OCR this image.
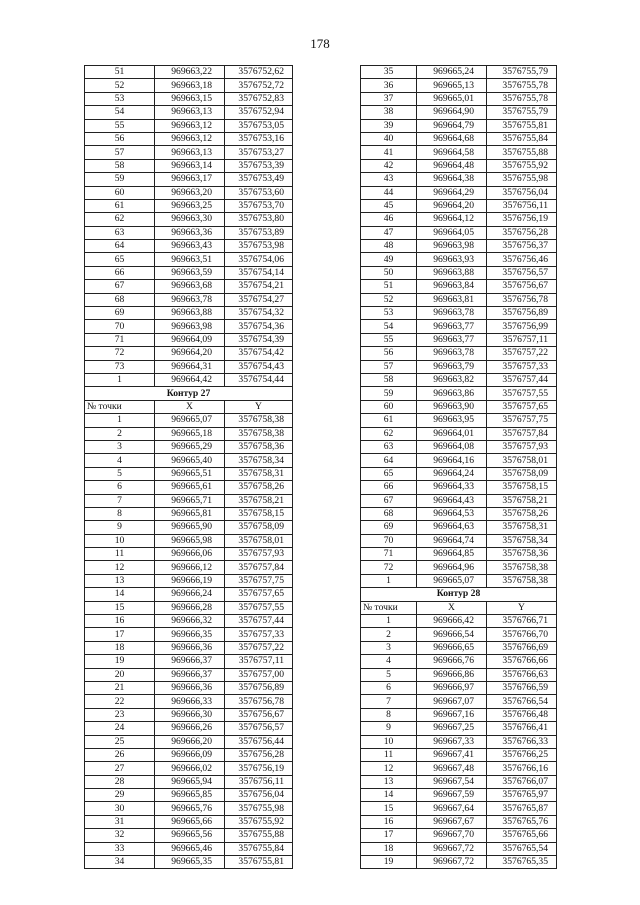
178
51	969663,22	3576752,62
52	969663,18	3576752,72
53	969663,15	3576752,83
54	969663,13	3576752,94
55	969663,12	3576753,05
56	969663,12	3576753,16
57	969663,13	3576753,27
58	969663,14	3576753,39
59	969663,17	3576753,49
60	969663,20	3576753,60
61	969663,25	3576753,70
62	969663,30	3576753,80
63	969663,36	3576753,89
64	969663,43	3576753,98
65	969663,51	3576754,06
66	969663,59	3576754,14
67	969663,68	3576754,21
68	969663,78	3576754,27
69	969663,88	3576754,32
70	969663,98	3576754,36
71	969664,09	3576754,39
72	969664,20	3576754,42
73	969664,31	3576754,43
1	969664,42	3576754,44
Контур 27		
№ точки	X	Y
1	969665,07	3576758,38
2	969665,18	3576758,38
3	969665,29	3576758,36
4	969665,40	3576758,34
5	969665,51	3576758,31
6	969665,61	3576758,26
7	969665,71	3576758,21
8	969665,81	3576758,15
9	969665,90	3576758,09
10	969665,98	3576758,01
11	969666,06	3576757,93
12	969666,12	3576757,84
13	969666,19	3576757,75
14	969666,24	3576757,65
15	969666,28	3576757,55
16	969666,32	3576757,44
17	969666,35	3576757,33
18	969666,36	3576757,22
19	969666,37	3576757,11
20	969666,37	3576757,00
21	969666,36	3576756,89
22	969666,33	3576756,78
23	969666,30	3576756,67
24	969666,26	3576756,57
25	969666,20	3576756,44
26	969666,09	3576756,28
27	969666,02	3576756,19
28	969665,94	3576756,11
29	969665,85	3576756,04
30	969665,76	3576755,98
31	969665,66	3576755,92
32	969665,56	3576755,88
33	969665,46	3576755,84
34	969665,35	3576755,81
35	969665,24	3576755,79
36	969665,13	3576755,78
37	969665,01	3576755,78
38	969664,90	3576755,79
39	969664,79	3576755,81
40	969664,68	3576755,84
41	969664,58	3576755,88
42	969664,48	3576755,92
43	969664,38	3576755,98
44	969664,29	3576756,04
45	969664,20	3576756,11
46	969664,12	3576756,19
47	969664,05	3576756,28
48	969663,98	3576756,37
49	969663,93	3576756,46
50	969663,88	3576756,57
51	969663,84	3576756,67
52	969663,81	3576756,78
53	969663,78	3576756,89
54	969663,77	3576756,99
55	969663,77	3576757,11
56	969663,78	3576757,22
57	969663,79	3576757,33
58	969663,82	3576757,44
59	969663,86	3576757,55
60	969663,90	3576757,65
61	969663,95	3576757,75
62	969664,01	3576757,84
63	969664,08	3576757,93
64	969664,16	3576758,01
65	969664,24	3576758,09
66	969664,33	3576758,15
67	969664,43	3576758,21
68	969664,53	3576758,26
69	969664,63	3576758,31
70	969664,74	3576758,34
71	969664,85	3576758,36
72	969664,96	3576758,38
1	969665,07	3576758,38
Контур 28		
№ точки	X	Y
1	969666,42	3576766,71
2	969666,54	3576766,70
3	969666,65	3576766,69
4	969666,76	3576766,66
5	969666,86	3576766,63
6	969666,97	3576766,59
7	969667,07	3576766,54
8	969667,16	3576766,48
9	969667,25	3576766,41
10	969667,33	3576766,33
11	969667,41	3576766,25
12	969667,48	3576766,16
13	969667,54	3576766,07
14	969667,59	3576765,97
15	969667,64	3576765,87
16	969667,67	3576765,76
17	969667,70	3576765,66
18	969667,72	3576765,54
19	969667,72	3576765,35
